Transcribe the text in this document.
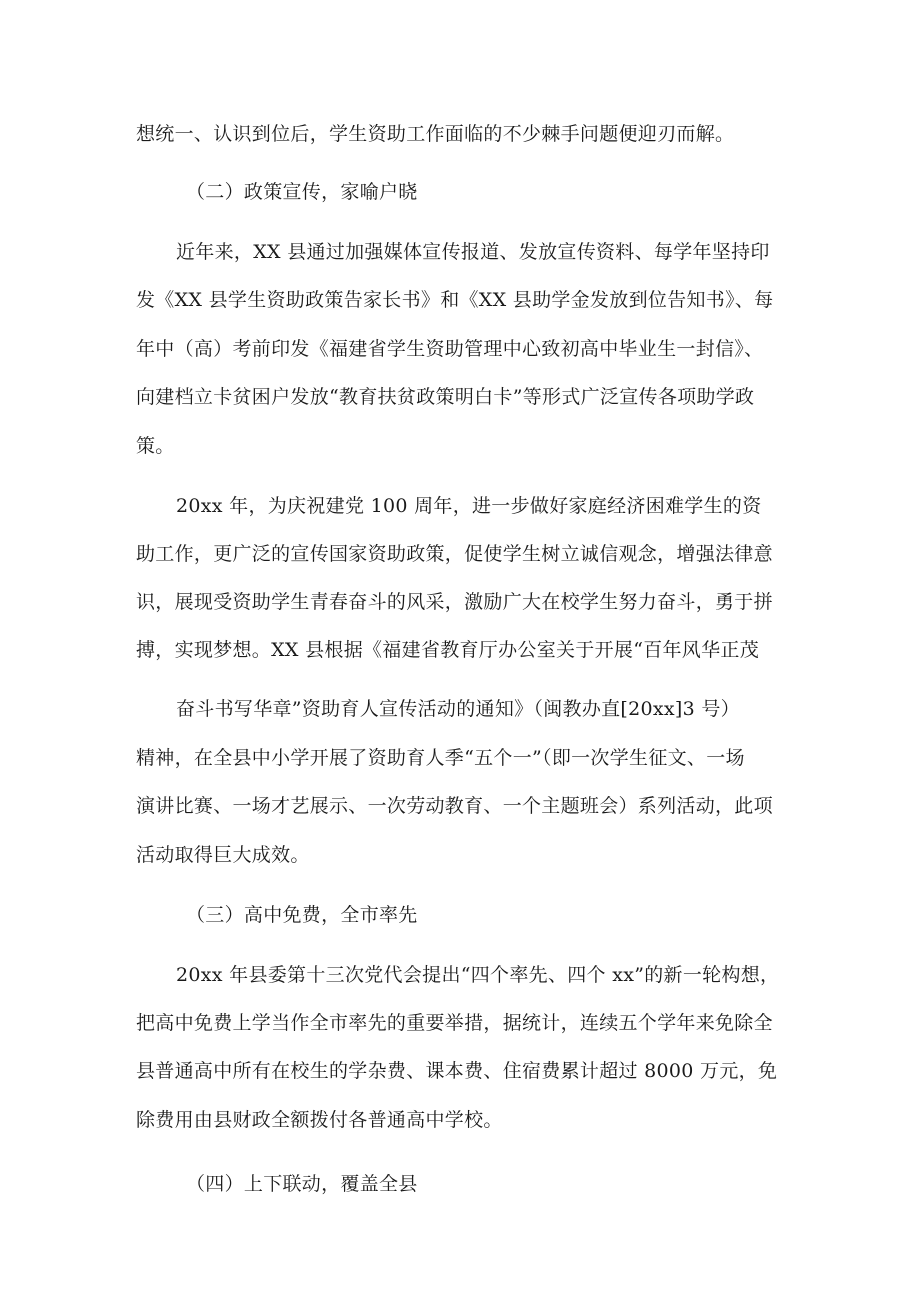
想统一、认识到位后，学生资助工作面临的不少棘手问题便迎刃而解。
（二）政策宣传，家喻户晓
近年来，XX 县通过加强媒体宣传报道、发放宣传资料、每学年坚持印
发《XX 县学生资助政策告家长书》和《XX 县助学金发放到位告知书》、每
年中（高）考前印发《福建省学生资助管理中心致初高中毕业生一封信》、
向建档立卡贫困户发放“教育扶贫政策明白卡”等形式广泛宣传各项助学政
策。
20xx 年，为庆祝建党 100 周年，进一步做好家庭经济困难学生的资
助工作，更广泛的宣传国家资助政策，促使学生树立诚信观念，增强法律意
识，展现受资助学生青春奋斗的风采，激励广大在校学生努力奋斗，勇于拼
搏，实现梦想。XX 县根据《福建省教育厅办公室关于开展“百年风华正茂
奋斗书写华章”资助育人宣传活动的通知》（闽教办直[20xx]3 号）
精神，在全县中小学开展了资助育人季“五个一”（即一次学生征文、一场
演讲比赛、一场才艺展示、一次劳动教育、一个主题班会）系列活动，此项
活动取得巨大成效。
（三）高中免费，全市率先
20xx 年县委第十三次党代会提出“四个率先、四个 xx”的新一轮构想，
把高中免费上学当作全市率先的重要举措，据统计，连续五个学年来免除全
县普通高中所有在校生的学杂费、课本费、住宿费累计超过 8000 万元，免
除费用由县财政全额拨付各普通高中学校。
（四）上下联动，覆盖全县
